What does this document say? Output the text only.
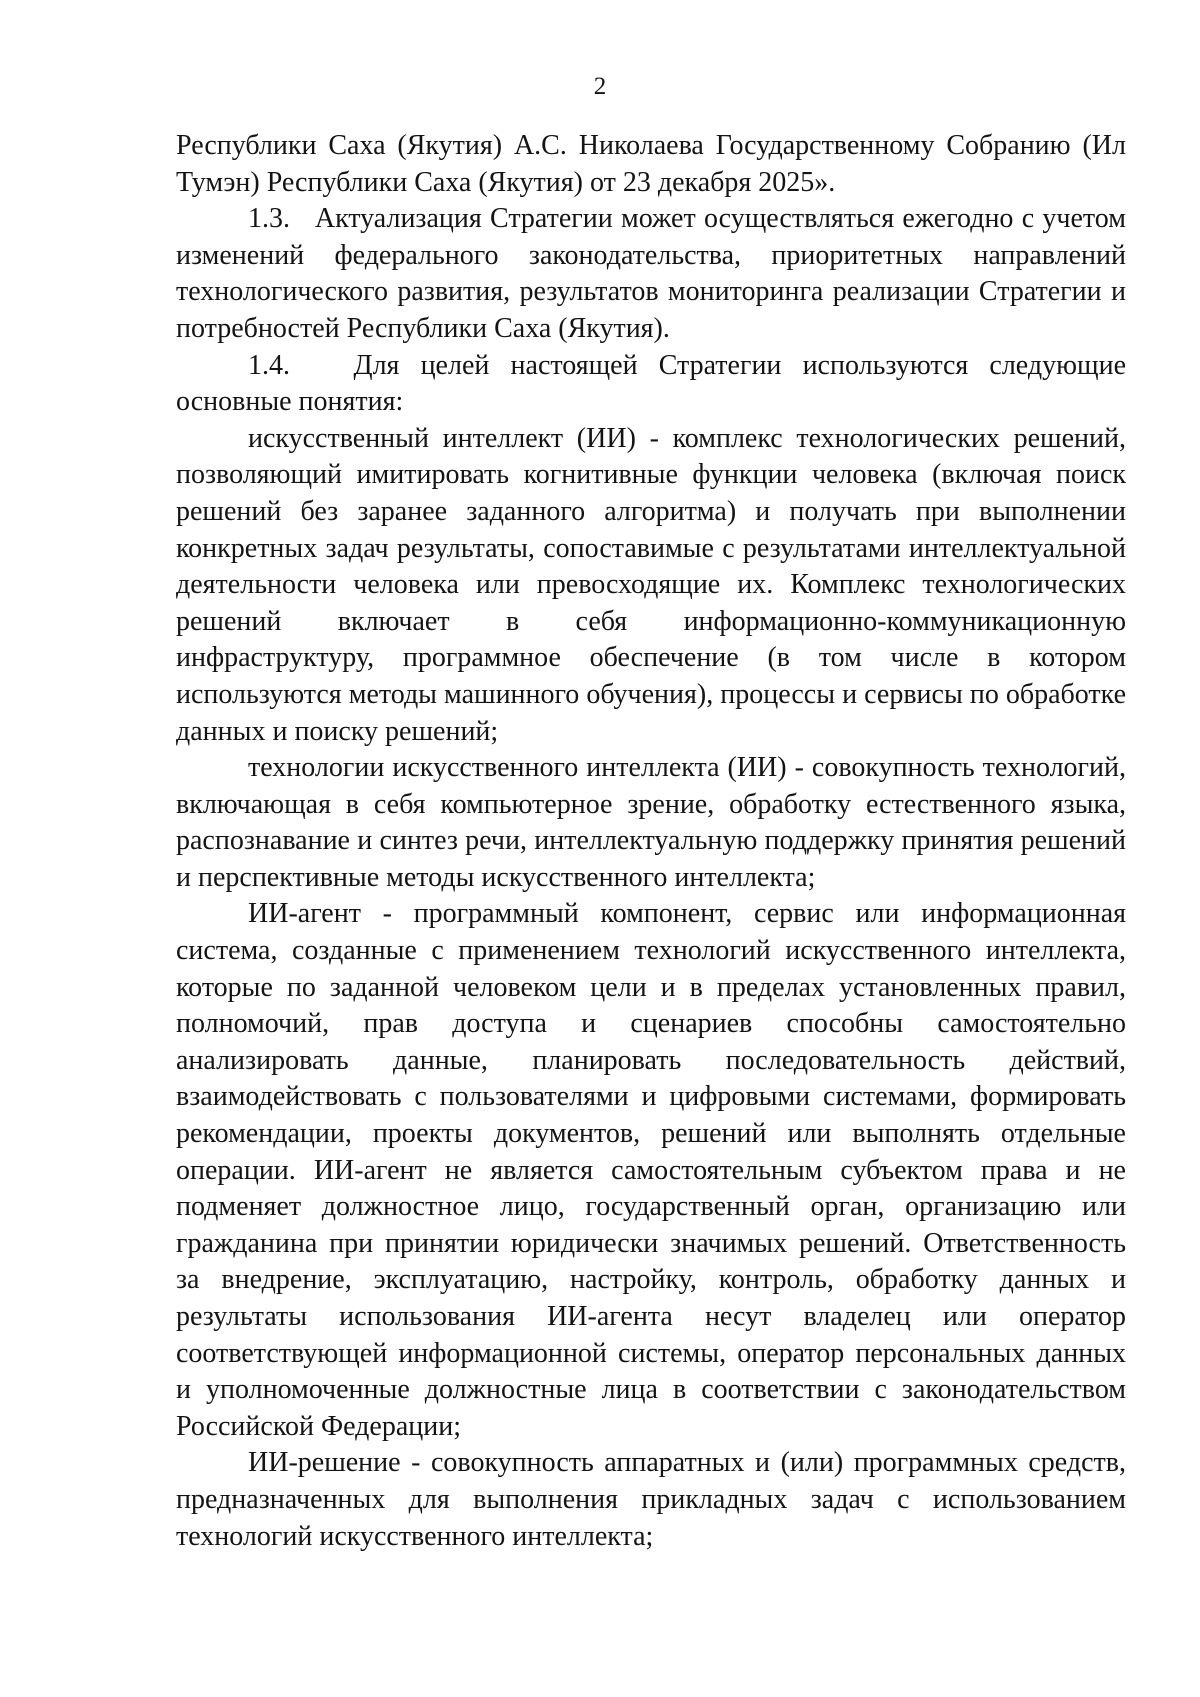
2

Республики Саха (Якутия) А.С. Николаева Государственному Собранию (Ил Тумэн) Республики Саха (Якутия) от 23 декабря 2025».

1.3.   Актуализация Стратегии может осуществляться ежегодно с учетом изменений федерального законодательства, приоритетных направлений технологического развития, результатов мониторинга реализации Стратегии и потребностей Республики Саха (Якутия).

1.4.   Для целей настоящей Стратегии используются следующие основные понятия:

искусственный интеллект (ИИ) - комплекс технологических решений, позволяющий имитировать когнитивные функции человека (включая поиск решений без заранее заданного алгоритма) и получать при выполнении конкретных задач результаты, сопоставимые с результатами интеллектуальной деятельности человека или превосходящие их. Комплекс технологических решений включает в себя информационно-коммуникационную инфраструктуру, программное обеспечение (в том числе в котором используются методы машинного обучения), процессы и сервисы по обработке данных и поиску решений;

технологии искусственного интеллекта (ИИ) - совокупность технологий, включающая в себя компьютерное зрение, обработку естественного языка, распознавание и синтез речи, интеллектуальную поддержку принятия решений и перспективные методы искусственного интеллекта;

ИИ-агент - программный компонент, сервис или информационная система, созданные с применением технологий искусственного интеллекта, которые по заданной человеком цели и в пределах установленных правил, полномочий, прав доступа и сценариев способны самостоятельно анализировать данные, планировать последовательность действий, взаимодействовать с пользователями и цифровыми системами, формировать рекомендации, проекты документов, решений или выполнять отдельные операции. ИИ-агент не является самостоятельным субъектом права и не подменяет должностное лицо, государственный орган, организацию или гражданина при принятии юридически значимых решений. Ответственность за внедрение, эксплуатацию, настройку, контроль, обработку данных и результаты использования ИИ-агента несут владелец или оператор соответствующей информационной системы, оператор персональных данных и уполномоченные должностные лица в соответствии с законодательством Российской Федерации;

ИИ-решение - совокупность аппаратных и (или) программных средств, предназначенных для выполнения прикладных задач с использованием технологий искусственного интеллекта;
